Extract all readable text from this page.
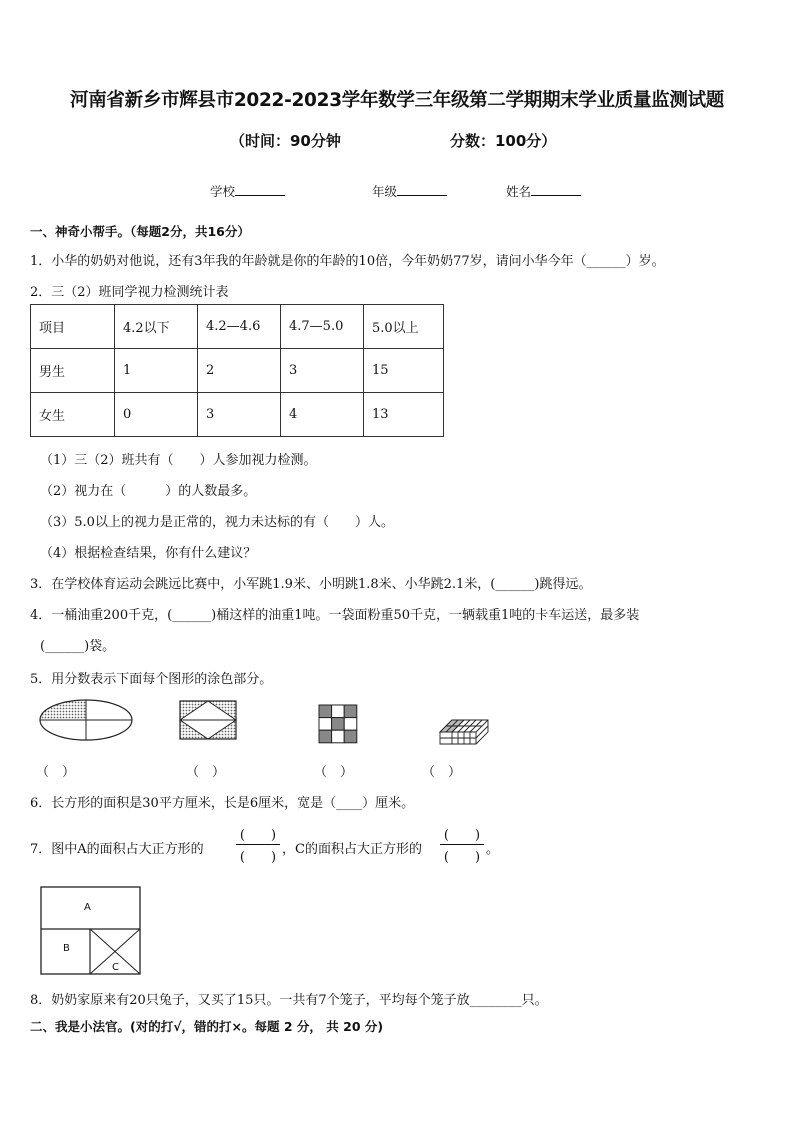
河南省新乡市辉县市2022-2023学年数学三年级第二学期期末学业质量监测试题
（时间：90分钟	分数：100分）
学校	年级	姓名
一、神奇小帮手。（每题2分，共16分）
1．小华的奶奶对他说，还有3年我的年龄就是你的年龄的10倍，今年奶奶77岁，请问小华今年（______）岁。
2．三（2）班同学视力检测统计表
项目	4.2以下	4.2—4.6	4.7—5.0	5.0以上
男生	1	2	3	15
女生	0	3	4	13
（1）三（2）班共有（　　）人参加视力检测。
（2）视力在（　　　）的人数最多。
（3）5.0以上的视力是正常的，视力未达标的有（　　）人。
（4）根据检查结果，你有什么建议？
3．在学校体育运动会跳远比赛中，小军跳1.9米、小明跳1.8米、小华跳2.1米，(______)跳得远。
4．一桶油重200千克，(______)桶这样的油重1吨。一袋面粉重50千克，一辆载重1吨的卡车运送，最多装
(______)袋。
5．用分数表示下面每个图形的涂色部分。
（　）	（　）	（　）	（　）
6．长方形的面积是30平方厘米，长是6厘米，宽是（____）厘米。
7．图中A的面积占大正方形的
(　　)
(　　)
，C的面积占大正方形的
(　　)
(　　)
。
A
B
C
8．奶奶家原来有20只兔子，又买了15只。一共有7个笼子，平均每个笼子放________只。
二、我是小法官。(对的打√，错的打×。每题 2 分， 共 20 分)
